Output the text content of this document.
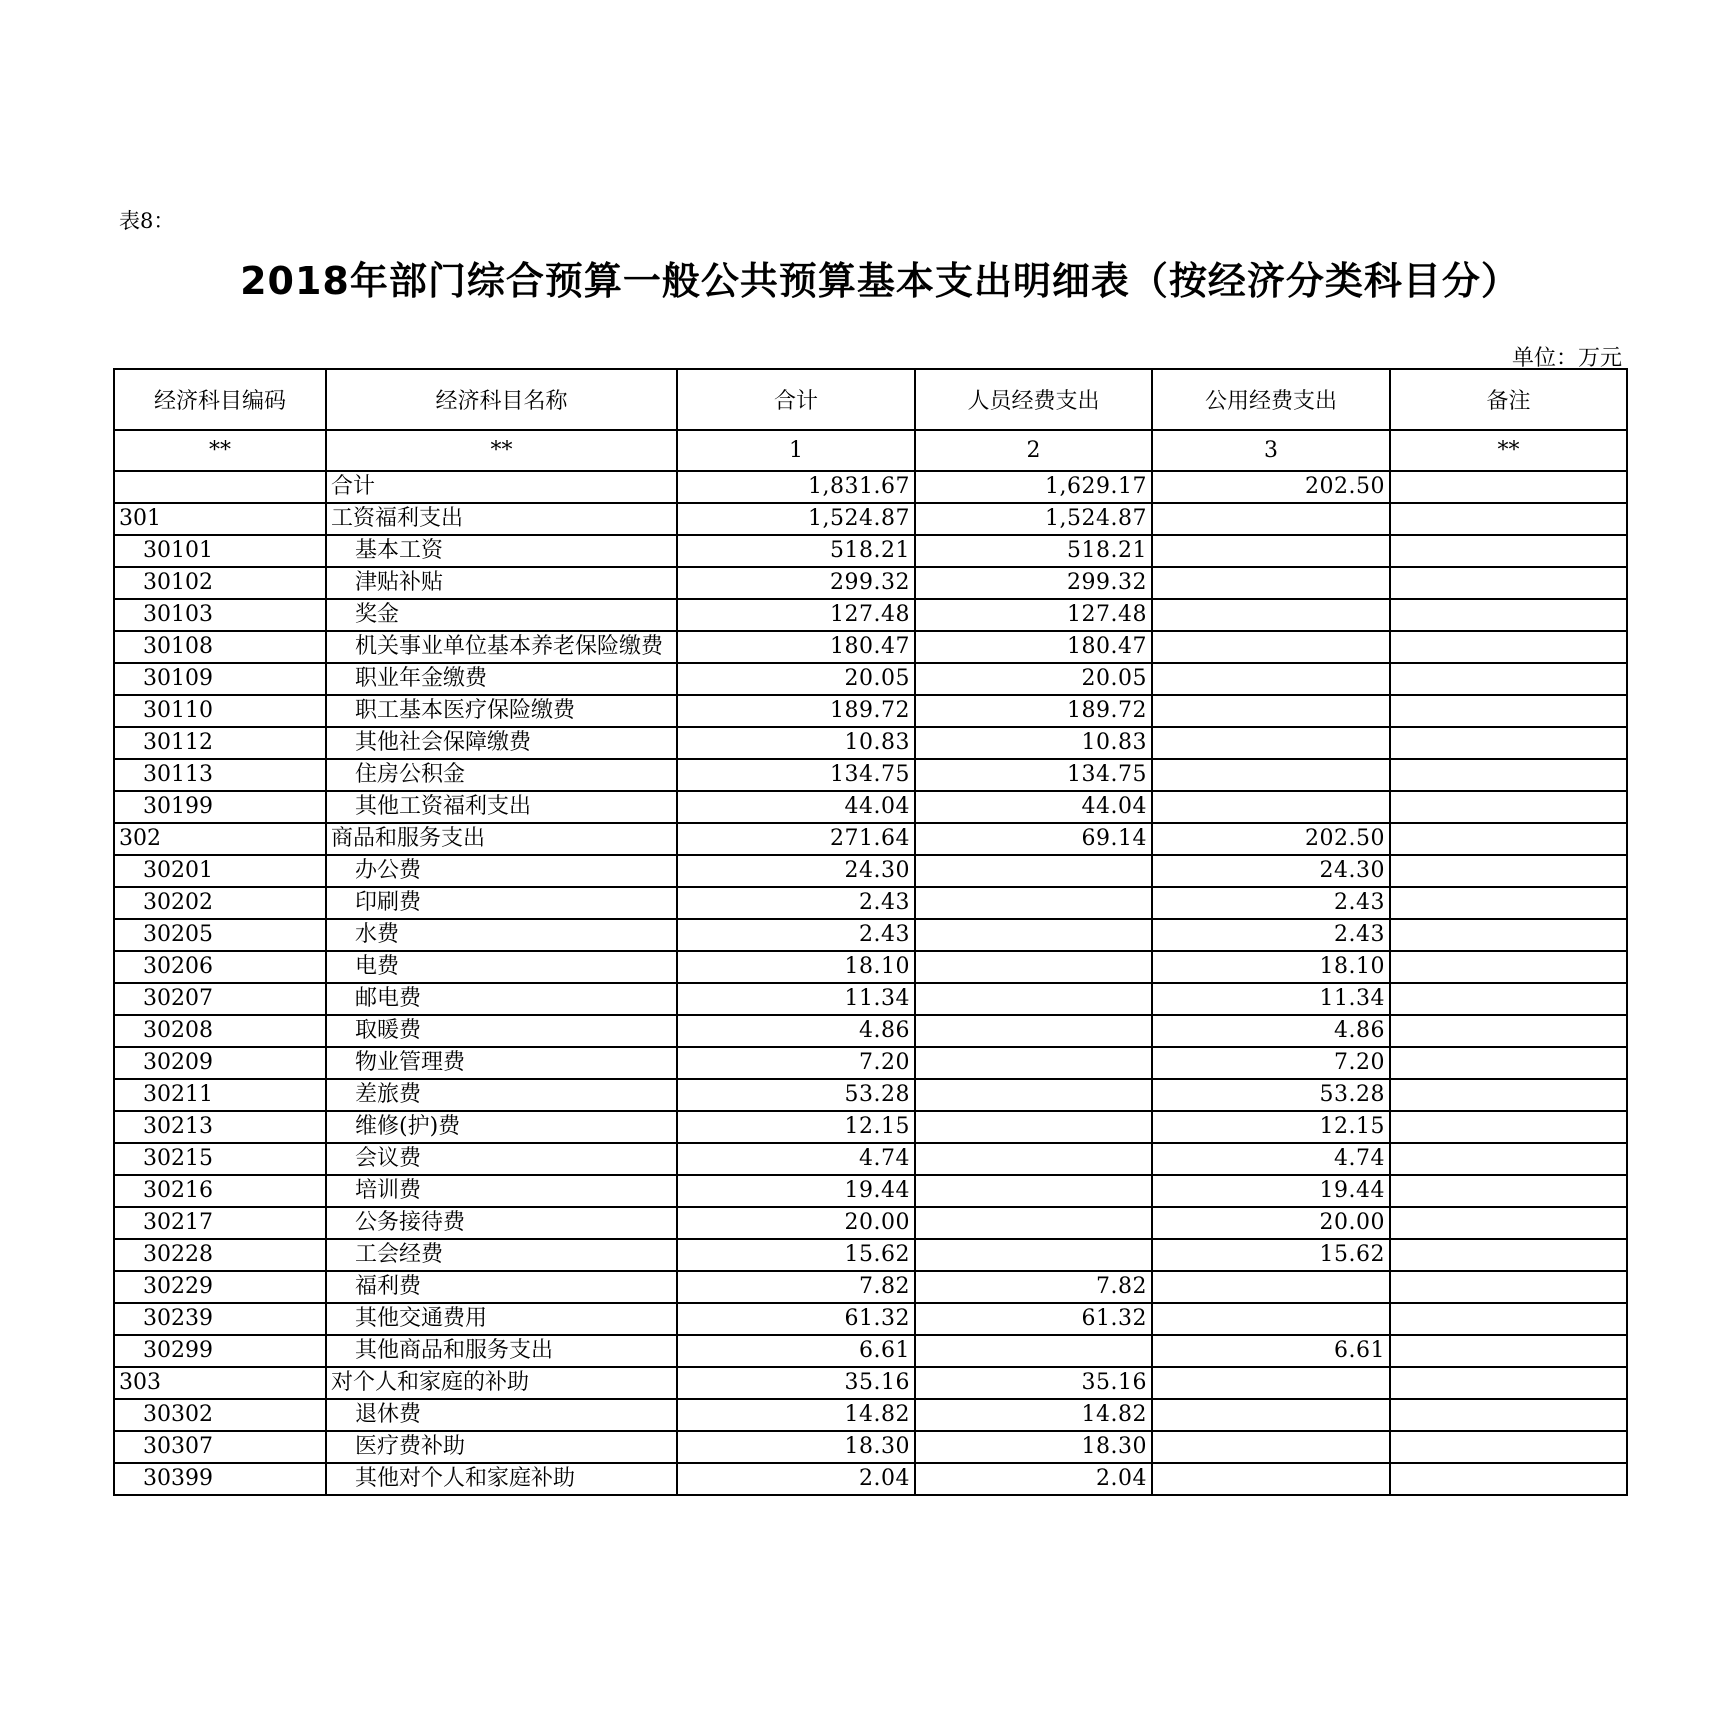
表8：
2018年部门综合预算一般公共预算基本支出明细表（按经济分类科目分）
单位：万元
经济科目编码	经济科目名称	合计	人员经费支出	公用经费支出	备注
**	**	1	2	3	**
	合计	1,831.67	1,629.17	202.50	
301	工资福利支出	1,524.87	1,524.87		
30101	基本工资	518.21	518.21		
30102	津贴补贴	299.32	299.32		
30103	奖金	127.48	127.48		
30108	机关事业单位基本养老保险缴费	180.47	180.47		
30109	职业年金缴费	20.05	20.05		
30110	职工基本医疗保险缴费	189.72	189.72		
30112	其他社会保障缴费	10.83	10.83		
30113	住房公积金	134.75	134.75		
30199	其他工资福利支出	44.04	44.04		
302	商品和服务支出	271.64	69.14	202.50	
30201	办公费	24.30		24.30	
30202	印刷费	2.43		2.43	
30205	水费	2.43		2.43	
30206	电费	18.10		18.10	
30207	邮电费	11.34		11.34	
30208	取暖费	4.86		4.86	
30209	物业管理费	7.20		7.20	
30211	差旅费	53.28		53.28	
30213	维修(护)费	12.15		12.15	
30215	会议费	4.74		4.74	
30216	培训费	19.44		19.44	
30217	公务接待费	20.00		20.00	
30228	工会经费	15.62		15.62	
30229	福利费	7.82	7.82		
30239	其他交通费用	61.32	61.32		
30299	其他商品和服务支出	6.61		6.61	
303	对个人和家庭的补助	35.16	35.16		
30302	退休费	14.82	14.82		
30307	医疗费补助	18.30	18.30		
30399	其他对个人和家庭补助	2.04	2.04		
